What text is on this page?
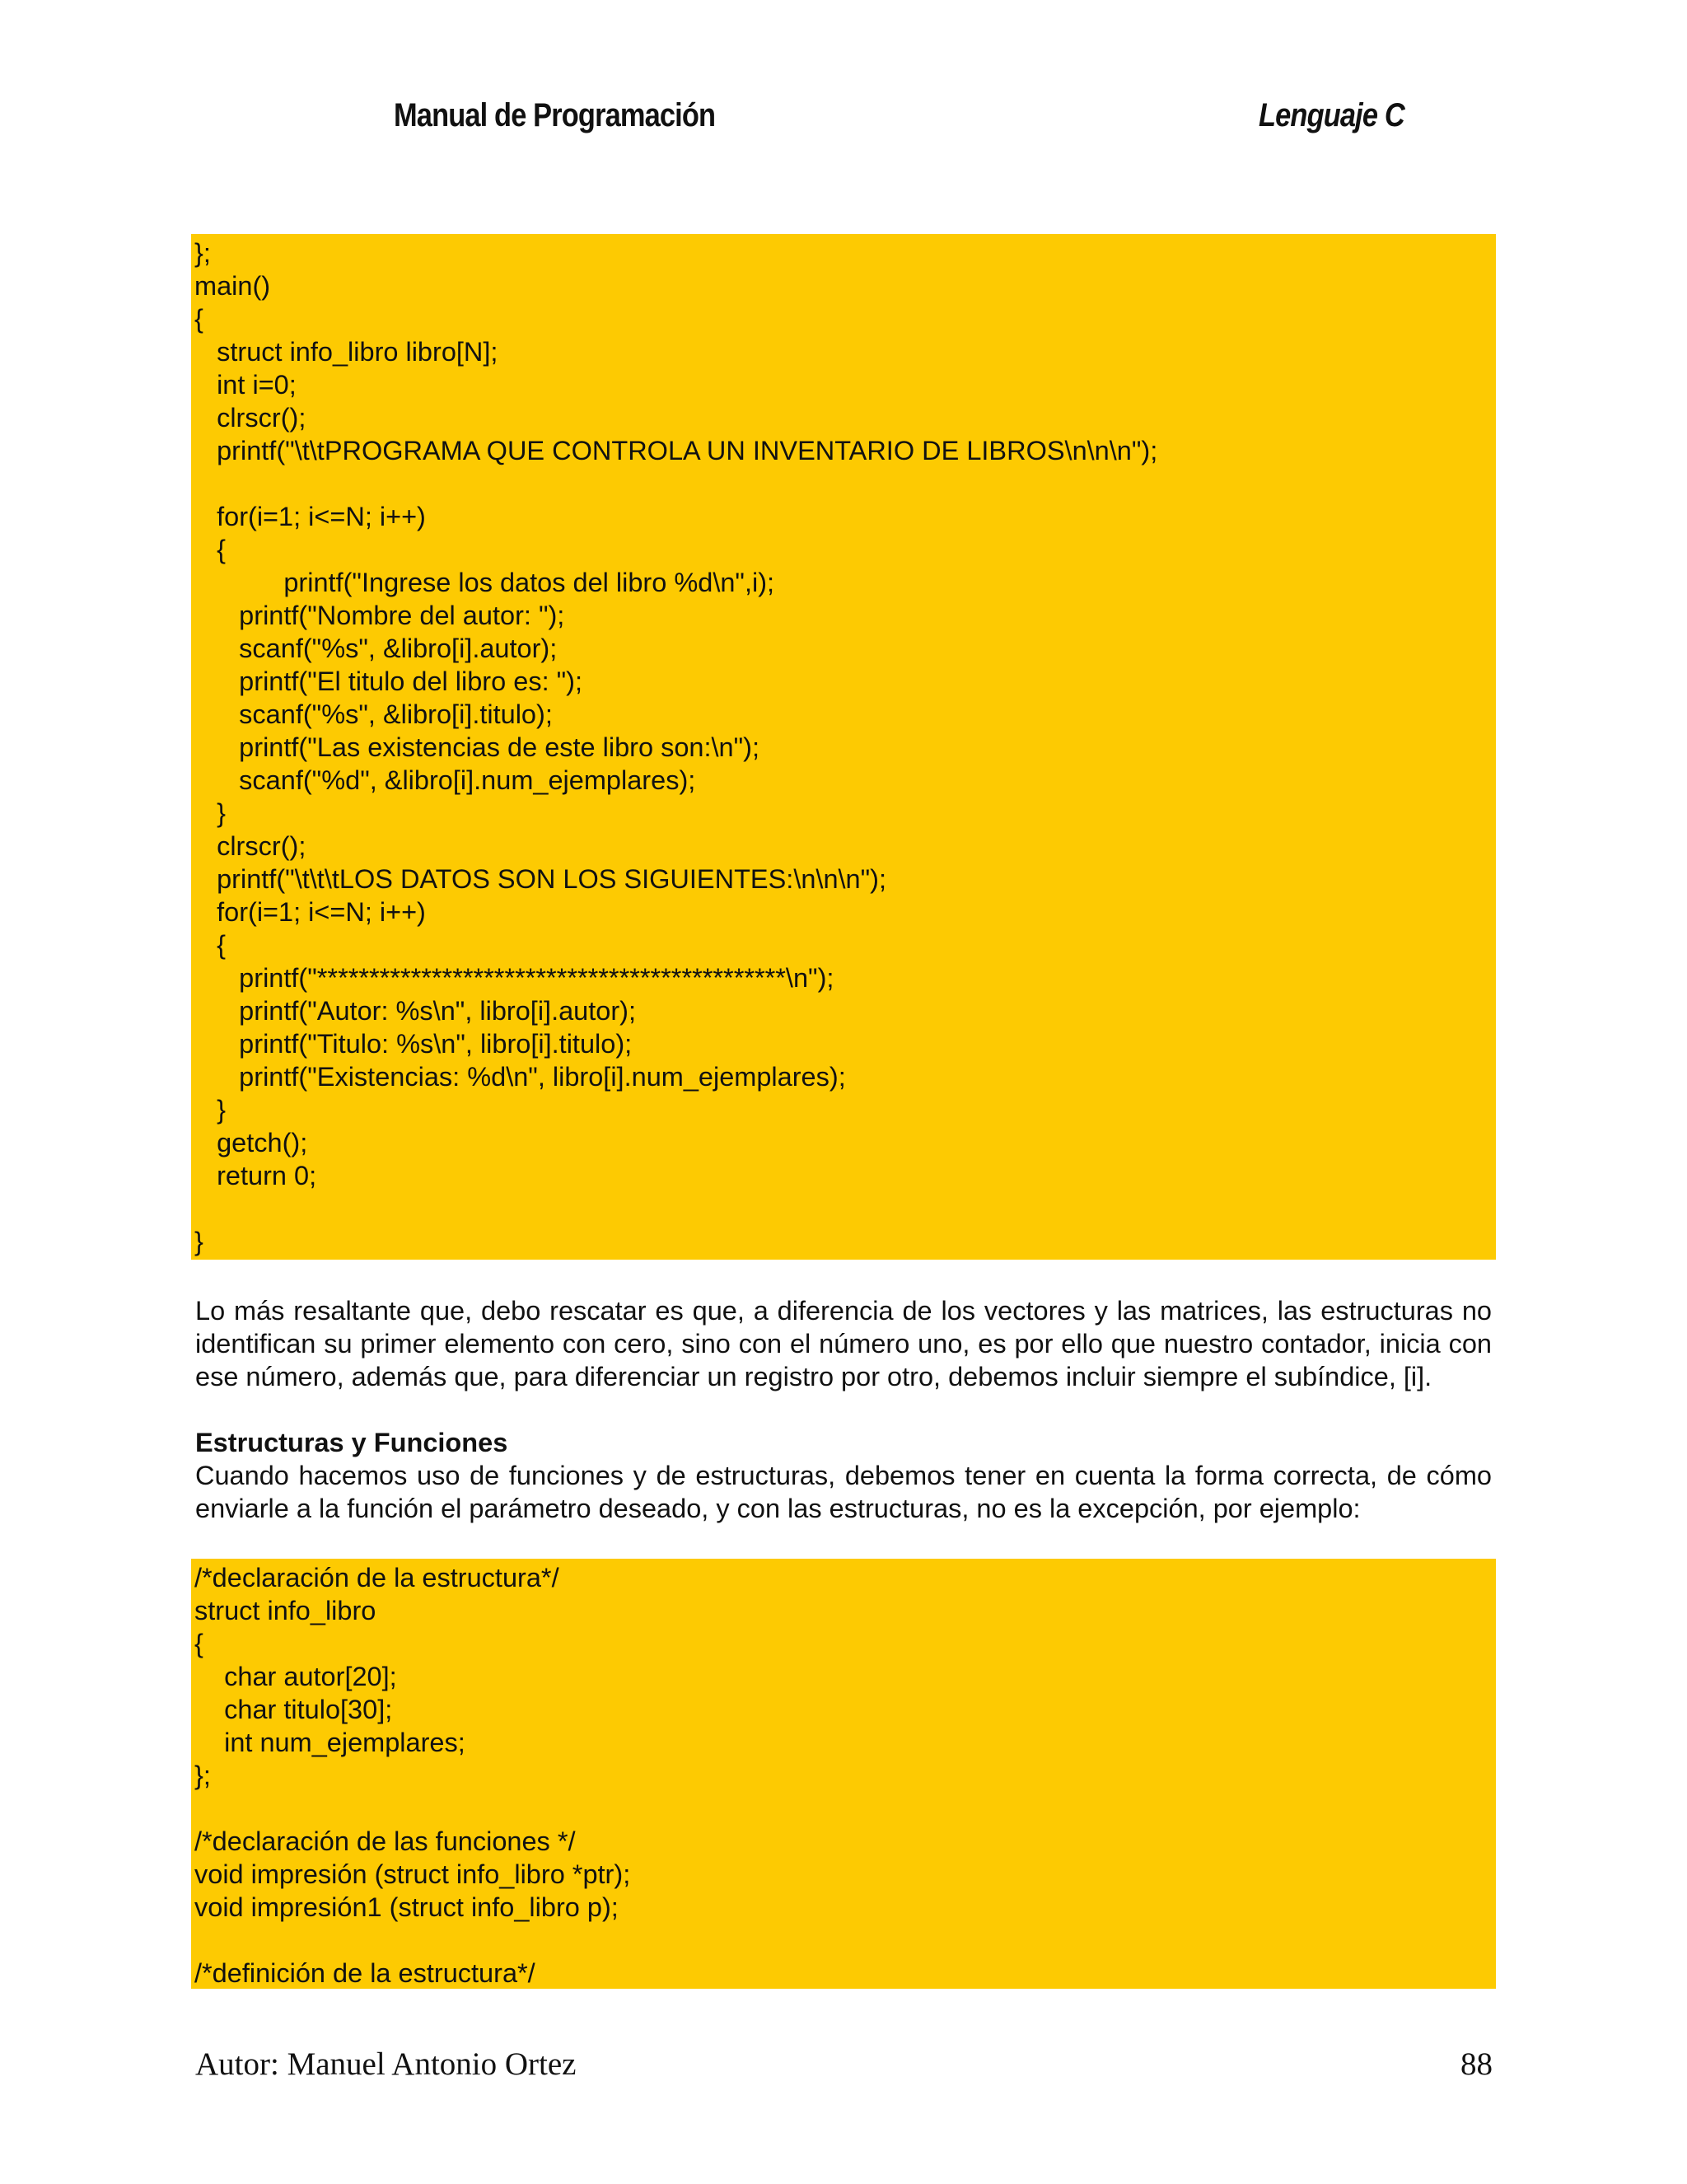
Manual de Programación	Lenguaje C
};
main()
{
struct info_libro libro[N];
int i=0;
clrscr();
printf("\t\tPROGRAMA QUE CONTROLA UN INVENTARIO DE LIBROS\n\n\n");
for(i=1; i<=N; i++)
{
printf("Ingrese los datos del libro %d\n",i);
printf("Nombre del autor: ");
scanf("%s", &libro[i].autor);
printf("El titulo del libro es: ");
scanf("%s", &libro[i].titulo);
printf("Las existencias de este libro son:\n");
scanf("%d", &libro[i].num_ejemplares);
}
clrscr();
printf("\t\t\tLOS DATOS SON LOS SIGUIENTES:\n\n\n");
for(i=1; i<=N; i++)
{
printf("*********************************************\n");
printf("Autor: %s\n", libro[i].autor);
printf("Titulo: %s\n", libro[i].titulo);
printf("Existencias: %d\n", libro[i].num_ejemplares);
}
getch();
return 0;
}
Lo más resaltante que, debo rescatar es que, a diferencia de los vectores y las matrices, las estructuras no identifican su primer elemento con cero, sino con el número uno, es por ello que nuestro contador, inicia con ese número, además que, para diferenciar un registro por otro, debemos incluir siempre el subíndice, [i].
Estructuras y Funciones
Cuando hacemos uso de funciones y de estructuras, debemos tener en cuenta la forma correcta, de cómo enviarle a la función el parámetro deseado, y con las estructuras, no es la excepción, por ejemplo:
/*declaración de la estructura*/
struct info_libro
{
char autor[20];
char titulo[30];
int num_ejemplares;
};
/*declaración de las funciones */
void impresión (struct info_libro *ptr);
void impresión1 (struct info_libro p);
/*definición de la estructura*/
Autor: Manuel Antonio Ortez	88
